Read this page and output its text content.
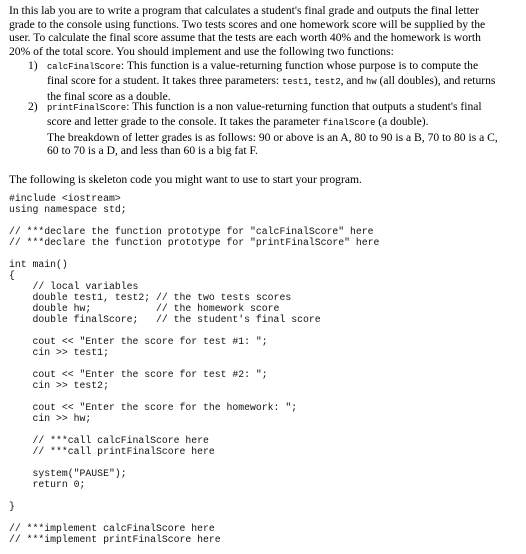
In this lab you are to write a program that calculates a student's final grade and outputs the final letter
grade to the console using functions. Two tests scores and one homework score will be supplied by the
user. To calculate the final score assume that the tests are each worth 40% and the homework is worth
20% of the total score. You should implement and use the following two functions:
1) calcFinalScore: This function is a value-returning function whose purpose is to compute the
final score for a student. It takes three parameters: test1, test2, and hw (all doubles), and returns
the final score as a double.
2) printFinalScore: This function is a non value-returning function that outputs a student's final
score and letter grade to the console. It takes the parameter finalScore (a double).
The breakdown of letter grades is as follows: 90 or above is an A, 80 to 90 is a B, 70 to 80 is a C,
60 to 70 is a D, and less than 60 is a big fat F.
The following is skeleton code you might want to use to start your program.
#include <iostream>
using namespace std;
// ***declare the function prototype for "calcFinalScore" here
// ***declare the function prototype for "printFinalScore" here
int main()
{
// local variables
double test1, test2; // the two tests scores
double hw;           // the homework score
double finalScore;   // the student's final score
cout << "Enter the score for test #1: ";
cin >> test1;
cout << "Enter the score for test #2: ";
cin >> test2;
cout << "Enter the score for the homework: ";
cin >> hw;
// ***call calcFinalScore here
// ***call printFinalScore here
system("PAUSE");
return 0;
}
// ***implement calcFinalScore here
// ***implement printFinalScore here
